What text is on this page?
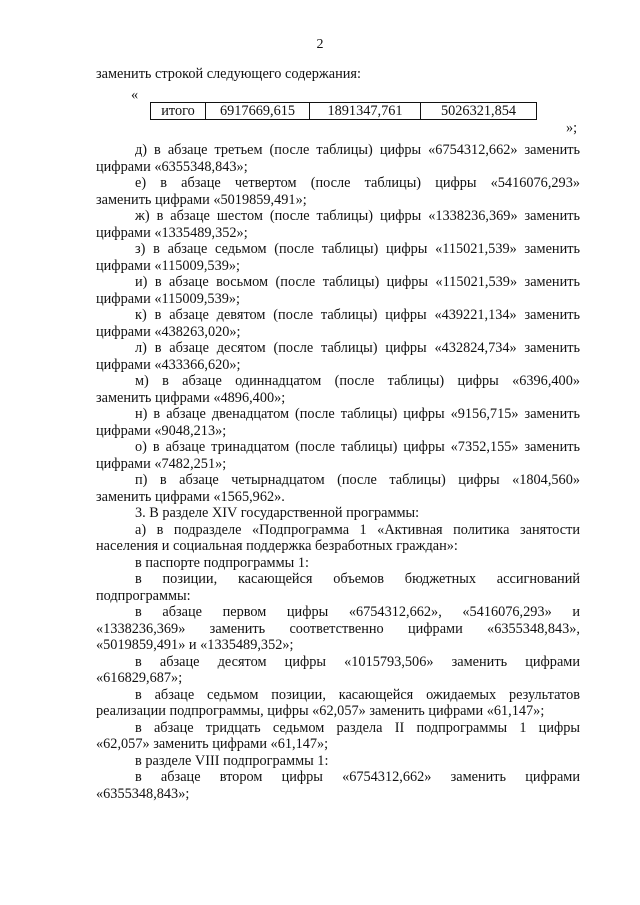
2
заменить строкой следующего содержания:
«
итого	6917669,615	1891347,761	5026321,854
»;
д) в абзаце третьем (после таблицы) цифры «6754312,662» заменить
цифрами «6355348,843»;
е) в абзаце четвертом (после таблицы) цифры «5416076,293»
заменить цифрами «5019859,491»;
ж) в абзаце шестом (после таблицы) цифры «1338236,369» заменить
цифрами «1335489,352»;
з) в абзаце седьмом (после таблицы) цифры «115021,539» заменить
цифрами «115009,539»;
и) в абзаце восьмом (после таблицы) цифры «115021,539» заменить
цифрами «115009,539»;
к) в абзаце девятом (после таблицы) цифры «439221,134» заменить
цифрами «438263,020»;
л) в абзаце десятом (после таблицы) цифры «432824,734» заменить
цифрами «433366,620»;
м) в абзаце одиннадцатом (после таблицы) цифры «6396,400»
заменить цифрами «4896,400»;
н) в абзаце двенадцатом (после таблицы) цифры «9156,715» заменить
цифрами «9048,213»;
о) в абзаце тринадцатом (после таблицы) цифры «7352,155» заменить
цифрами «7482,251»;
п) в абзаце четырнадцатом (после таблицы) цифры «1804,560»
заменить цифрами «1565,962».
3. В разделе XIV государственной программы:
а) в подразделе «Подпрограмма 1 «Активная политика занятости
населения и социальная поддержка безработных граждан»:
в паспорте подпрограммы 1:
в позиции, касающейся объемов бюджетных ассигнований
подпрограммы:
в абзаце первом цифры «6754312,662», «5416076,293» и
«1338236,369» заменить соответственно цифрами «6355348,843»,
«5019859,491» и «1335489,352»;
в абзаце десятом цифры «1015793,506» заменить цифрами
«616829,687»;
в абзаце седьмом позиции, касающейся ожидаемых результатов
реализации подпрограммы, цифры «62,057» заменить цифрами «61,147»;
в абзаце тридцать седьмом раздела II подпрограммы 1 цифры
«62,057» заменить цифрами «61,147»;
в разделе VIII подпрограммы 1:
в абзаце втором цифры «6754312,662» заменить цифрами
«6355348,843»;
